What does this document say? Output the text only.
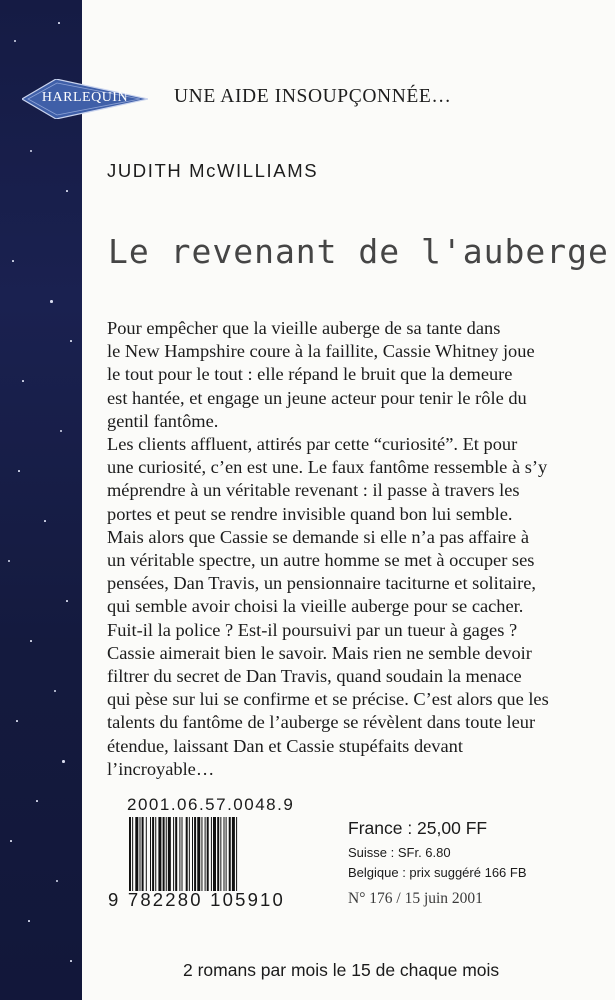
HARLEQUIN	UNE AIDE INSOUPÇONNÉE…
JUDITH McWILLIAMS
Le revenant de l'auberge

Pour empêcher que la vieille auberge de sa tante dans

le New Hampshire coure à la faillite, Cassie Whitney joue

le tout pour le tout : elle répand le bruit que la demeure

est hantée, et engage un jeune acteur pour tenir le rôle du

gentil fantôme.

Les clients affluent, attirés par cette “curiosité”. Et pour

une curiosité, c’en est une. Le faux fantôme ressemble à s’y

méprendre à un véritable revenant : il passe à travers les

portes et peut se rendre invisible quand bon lui semble.

Mais alors que Cassie se demande si elle n’a pas affaire à

un véritable spectre, un autre homme se met à occuper ses

pensées, Dan Travis, un pensionnaire taciturne et solitaire,

qui semble avoir choisi la vieille auberge pour se cacher.

Fuit-il la police ? Est-il poursuivi par un tueur à gages ?

Cassie aimerait bien le savoir. Mais rien ne semble devoir

filtrer du secret de Dan Travis, quand soudain la menace

qui pèse sur lui se confirme et se précise. C’est alors que les

talents du fantôme de l’auberge se révèlent dans toute leur

étendue, laissant Dan et Cassie stupéfaits devant

l’incroyable…

2001.06.57.0048.9
9 782280 105910
France : 25,00 FF
Suisse : SFr. 6.80
Belgique : prix suggéré 166 FB
N° 176 / 15 juin 2001
2 romans par mois le 15 de chaque mois
